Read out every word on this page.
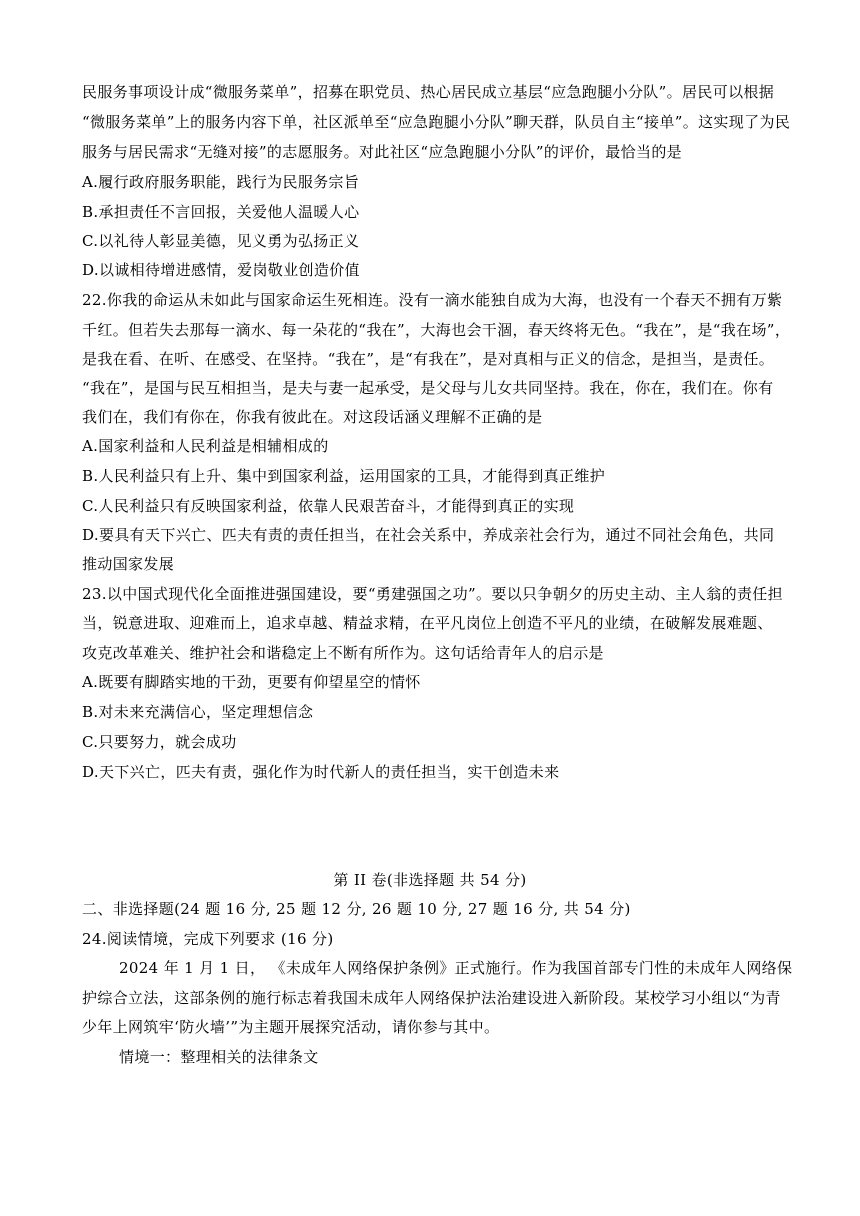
民服务事项设计成“微服务菜单”，招募在职党员、热心居民成立基层“应急跑腿小分队”。居民可以根据
“微服务菜单”上的服务内容下单，社区派单至“应急跑腿小分队”聊天群，队员自主“接单”。这实现了为民
服务与居民需求“无缝对接”的志愿服务。对此社区“应急跑腿小分队”的评价，最恰当的是
A.履行政府服务职能，践行为民服务宗旨
B.承担责任不言回报，关爱他人温暖人心
C.以礼待人彰显美德，见义勇为弘扬正义
D.以诚相待增进感情，爱岗敬业创造价值
22.你我的命运从未如此与国家命运生死相连。没有一滴水能独自成为大海，也没有一个春天不拥有万紫
千红。但若失去那每一滴水、每一朵花的“我在”，大海也会干涸，春天终将无色。“我在”，是“我在场”，
是我在看、在听、在感受、在坚持。“我在”，是“有我在”，是对真相与正义的信念，是担当，是责任。
“我在”，是国与民互相担当，是夫与妻一起承受，是父母与儿女共同坚持。我在，你在，我们在。你有
我们在，我们有你在，你我有彼此在。对这段话涵义理解不正确的是
A.国家利益和人民利益是相辅相成的
B.人民利益只有上升、集中到国家利益，运用国家的工具，才能得到真正维护
C.人民利益只有反映国家利益，依靠人民艰苦奋斗，才能得到真正的实现
D.要具有天下兴亡、匹夫有责的责任担当，在社会关系中，养成亲社会行为，通过不同社会角色，共同
推动国家发展
23.以中国式现代化全面推进强国建设，要“勇建强国之功”。要以只争朝夕的历史主动、主人翁的责任担
当，锐意进取、迎难而上，追求卓越、精益求精，在平凡岗位上创造不平凡的业绩，在破解发展难题、
攻克改革难关、维护社会和谐稳定上不断有所作为。这句话给青年人的启示是
A.既要有脚踏实地的干劲，更要有仰望星空的情怀
B.对未来充满信心，坚定理想信念
C.只要努力，就会成功
D.天下兴亡，匹夫有责，强化作为时代新人的责任担当，实干创造未来
第 II 卷(非选择题 共 54 分)
二、非选择题(24 题 16 分, 25 题 12 分, 26 题 10 分, 27 题 16 分, 共 54 分)
24.阅读情境，完成下列要求 (16 分)
2024 年 1 月 1 日， 《未成年人网络保护条例》正式施行。作为我国首部专门性的未成年人网络保
护综合立法，这部条例的施行标志着我国未成年人网络保护法治建设进入新阶段。某校学习小组以“为青
少年上网筑牢‘防火墙’”为主题开展探究活动，请你参与其中。
情境一：整理相关的法律条文
